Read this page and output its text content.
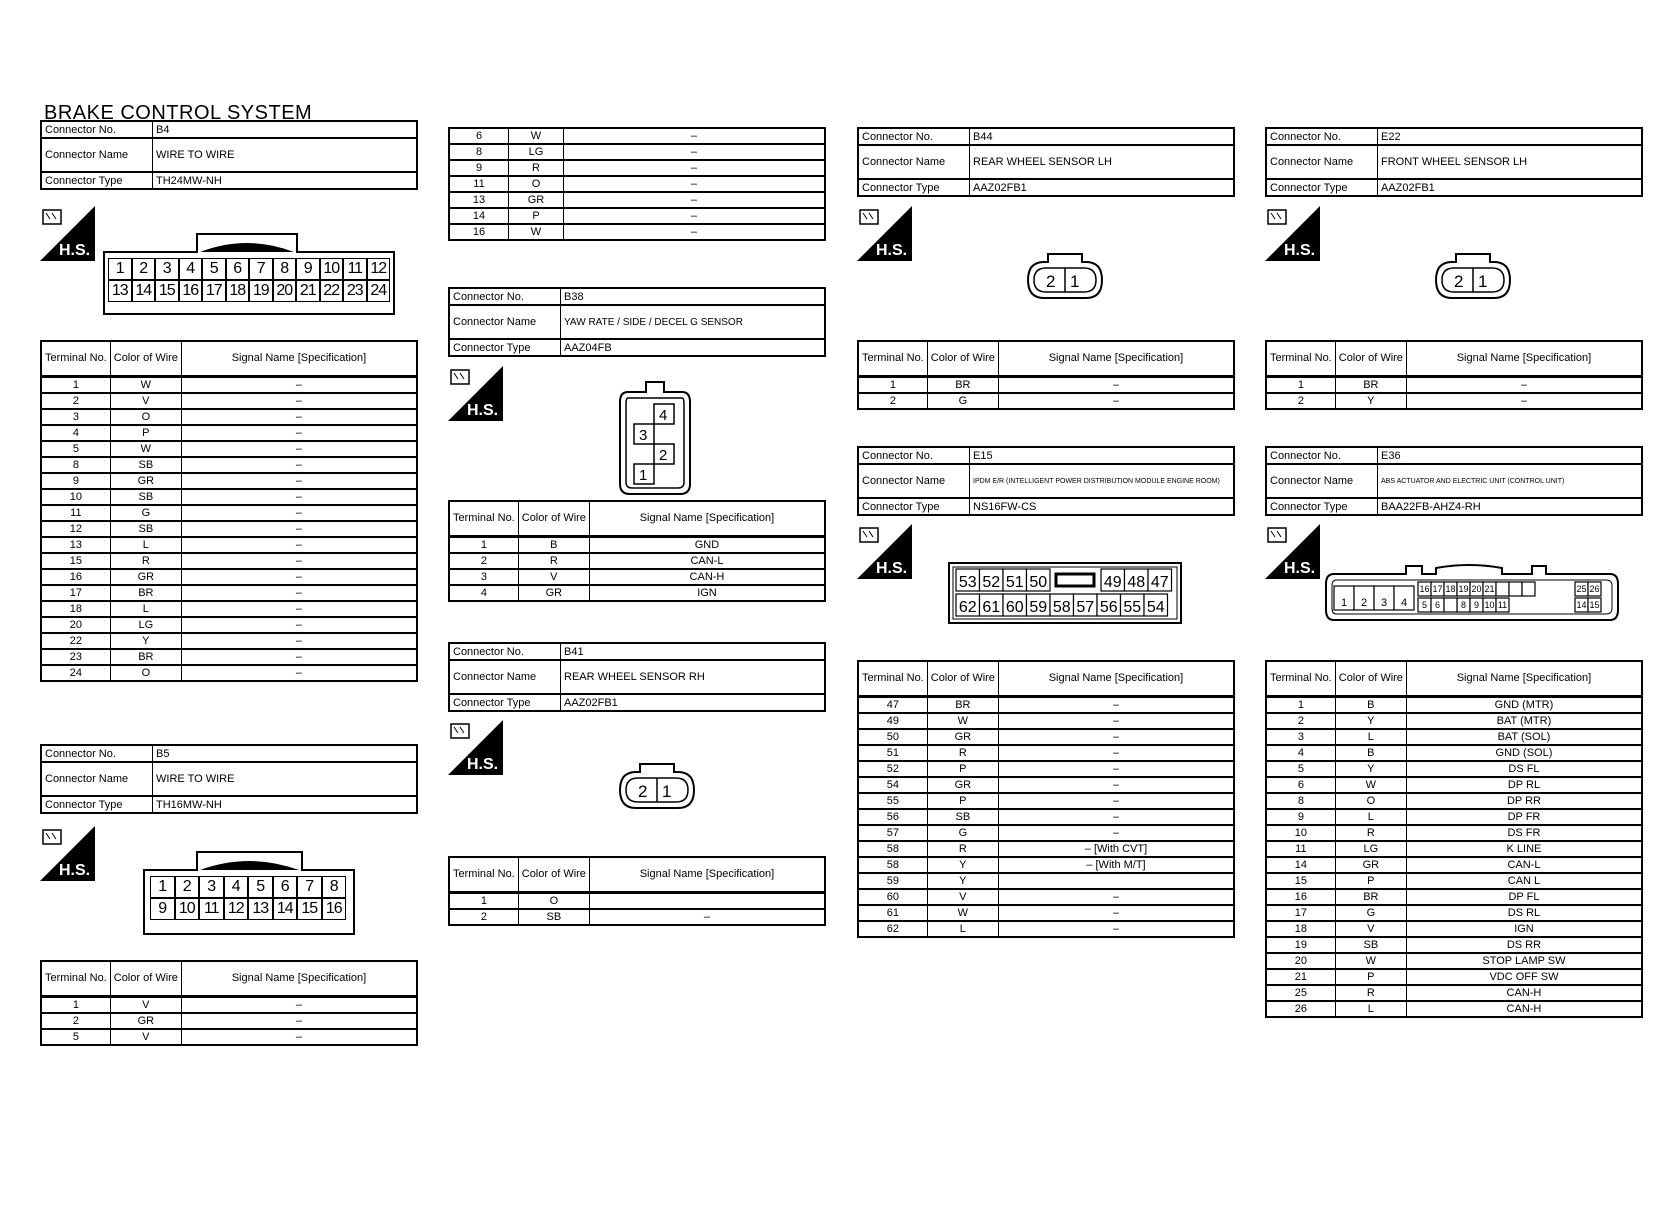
BRAKE CONTROL SYSTEM
Connector No.	B4
Connector Name	WIRE TO WIRE
Connector Type	TH24MW-NH
H.S.
1 2 3 4 5 6 7 8 9 10 11 12
13 14 15 16 17 18 19 20 21 22 23 24
Terminal No.	Color of Wire	Signal Name [Specification]
1	W	–
2	V	–
3	O	–
4	P	–
5	W	–
8	SB	–
9	GR	–
10	SB	–
11	G	–
12	SB	–
13	L	–
15	R	–
16	GR	–
17	BR	–
18	L	–
20	LG	–
22	Y	–
23	BR	–
24	O	–
Connector No.	B5
Connector Name	WIRE TO WIRE
Connector Type	TH16MW-NH
H.S.
1	2	3	4	5	6	7	8
9 10 11 12 13 14 15 16
Terminal No.	Color of Wire	Signal Name [Specification]
1	V	–
2	GR	–
5	V	–
6	W	–
8	LG	–
9	R	–
11	O	–
13	GR	–
14	P	–
16	W	–
Connector No.	B38
Connector Name	YAW RATE / SIDE / DECEL G SENSOR
Connector Type	AAZ04FB
H.S.	4
3
2
1
Terminal No.	Color of Wire	Signal Name [Specification]
1	B	GND
2	R	CAN-L
3	V	CAN-H
4	GR	IGN
Connector No.	B41
Connector Name	REAR WHEEL SENSOR RH
Connector Type	AAZ02FB1
H.S.
2 1
Terminal No.	Color of Wire	Signal Name [Specification]
1	O	
2	SB	–
Connector No.	B44
Connector Name	REAR WHEEL SENSOR LH
Connector Type	AAZ02FB1
H.S.
2 1
Terminal No.	Color of Wire	Signal Name [Specification]
1	BR	–
2	G	–
Connector No.	E15
Connector Name	IPDM E/R (INTELLIGENT POWER DISTRIBUTION MODULE ENGINE ROOM)
Connector Type	NS16FW-CS
H.S.
53 52 51 50	49 48 47
62 61 60 59 58 57 56 55 54
Terminal No.	Color of Wire	Signal Name [Specification]
47	BR	–
49	W	–
50	GR	–
51	R	–
52	P	–
54	GR	–
55	P	–
56	SB	–
57	G	–
58	R	– [With CVT]
58	Y	– [With M/T]
59	Y	
60	V	–
61	W	–
62	L	–
Connector No.	E22
Connector Name	FRONT WHEEL SENSOR LH
Connector Type	AAZ02FB1
H.S.
2 1
Terminal No.	Color of Wire	Signal Name [Specification]
1	BR	–
2	Y	–
Connector No.	E36
Connector Name	ABS ACTUATOR AND ELECTRIC UNIT (CONTROL UNIT)
Connector Type	BAA22FB-AHZ4-RH
H.S.
1 2 3 4
16 17 18 19 20 21	25 26
5 6 8 9 10 11	14 15
Terminal No.	Color of Wire	Signal Name [Specification]
1	B	GND (MTR)
2	Y	BAT (MTR)
3	L	BAT (SOL)
4	B	GND (SOL)
5	Y	DS FL
6	W	DP RL
8	O	DP RR
9	L	DP FR
10	R	DS FR
11	LG	K LINE
14	GR	CAN-L
15	P	CAN L
16	BR	DP FL
17	G	DS RL
18	V	IGN
19	SB	DS RR
20	W	STOP LAMP SW
21	P	VDC OFF SW
25	R	CAN-H
26	L	CAN-H
